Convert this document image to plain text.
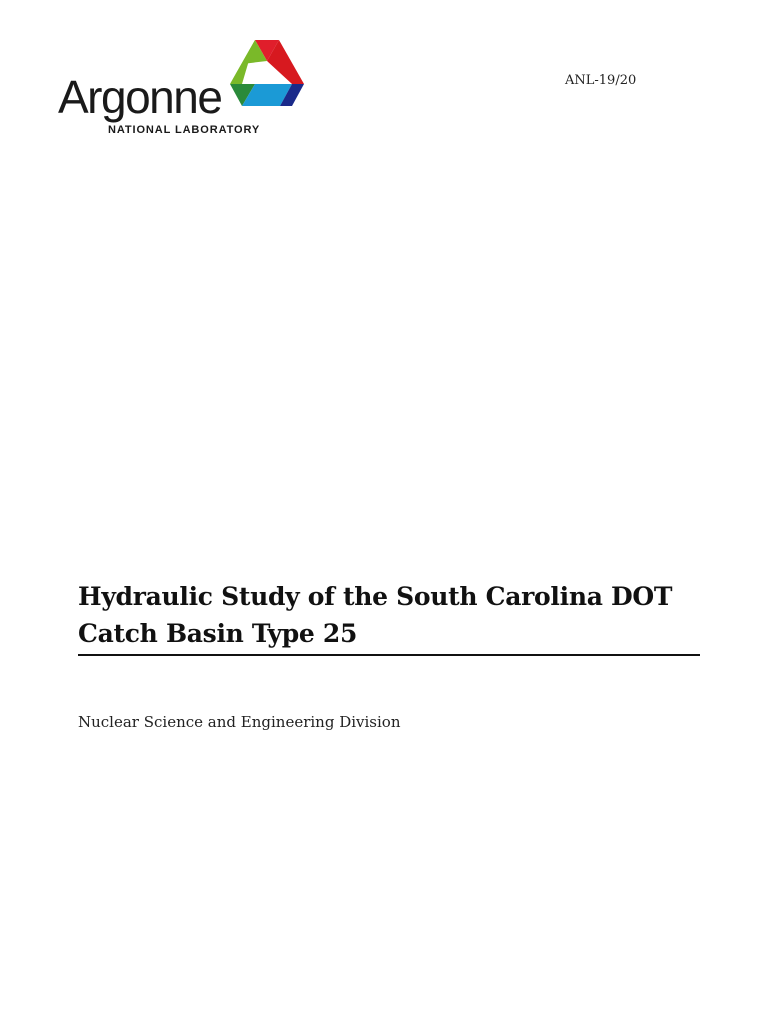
Argonne
NATIONAL LABORATORY
ANL-19/20
Hydraulic Study of the South Carolina DOT
Catch Basin Type 25
Nuclear Science and Engineering Division
